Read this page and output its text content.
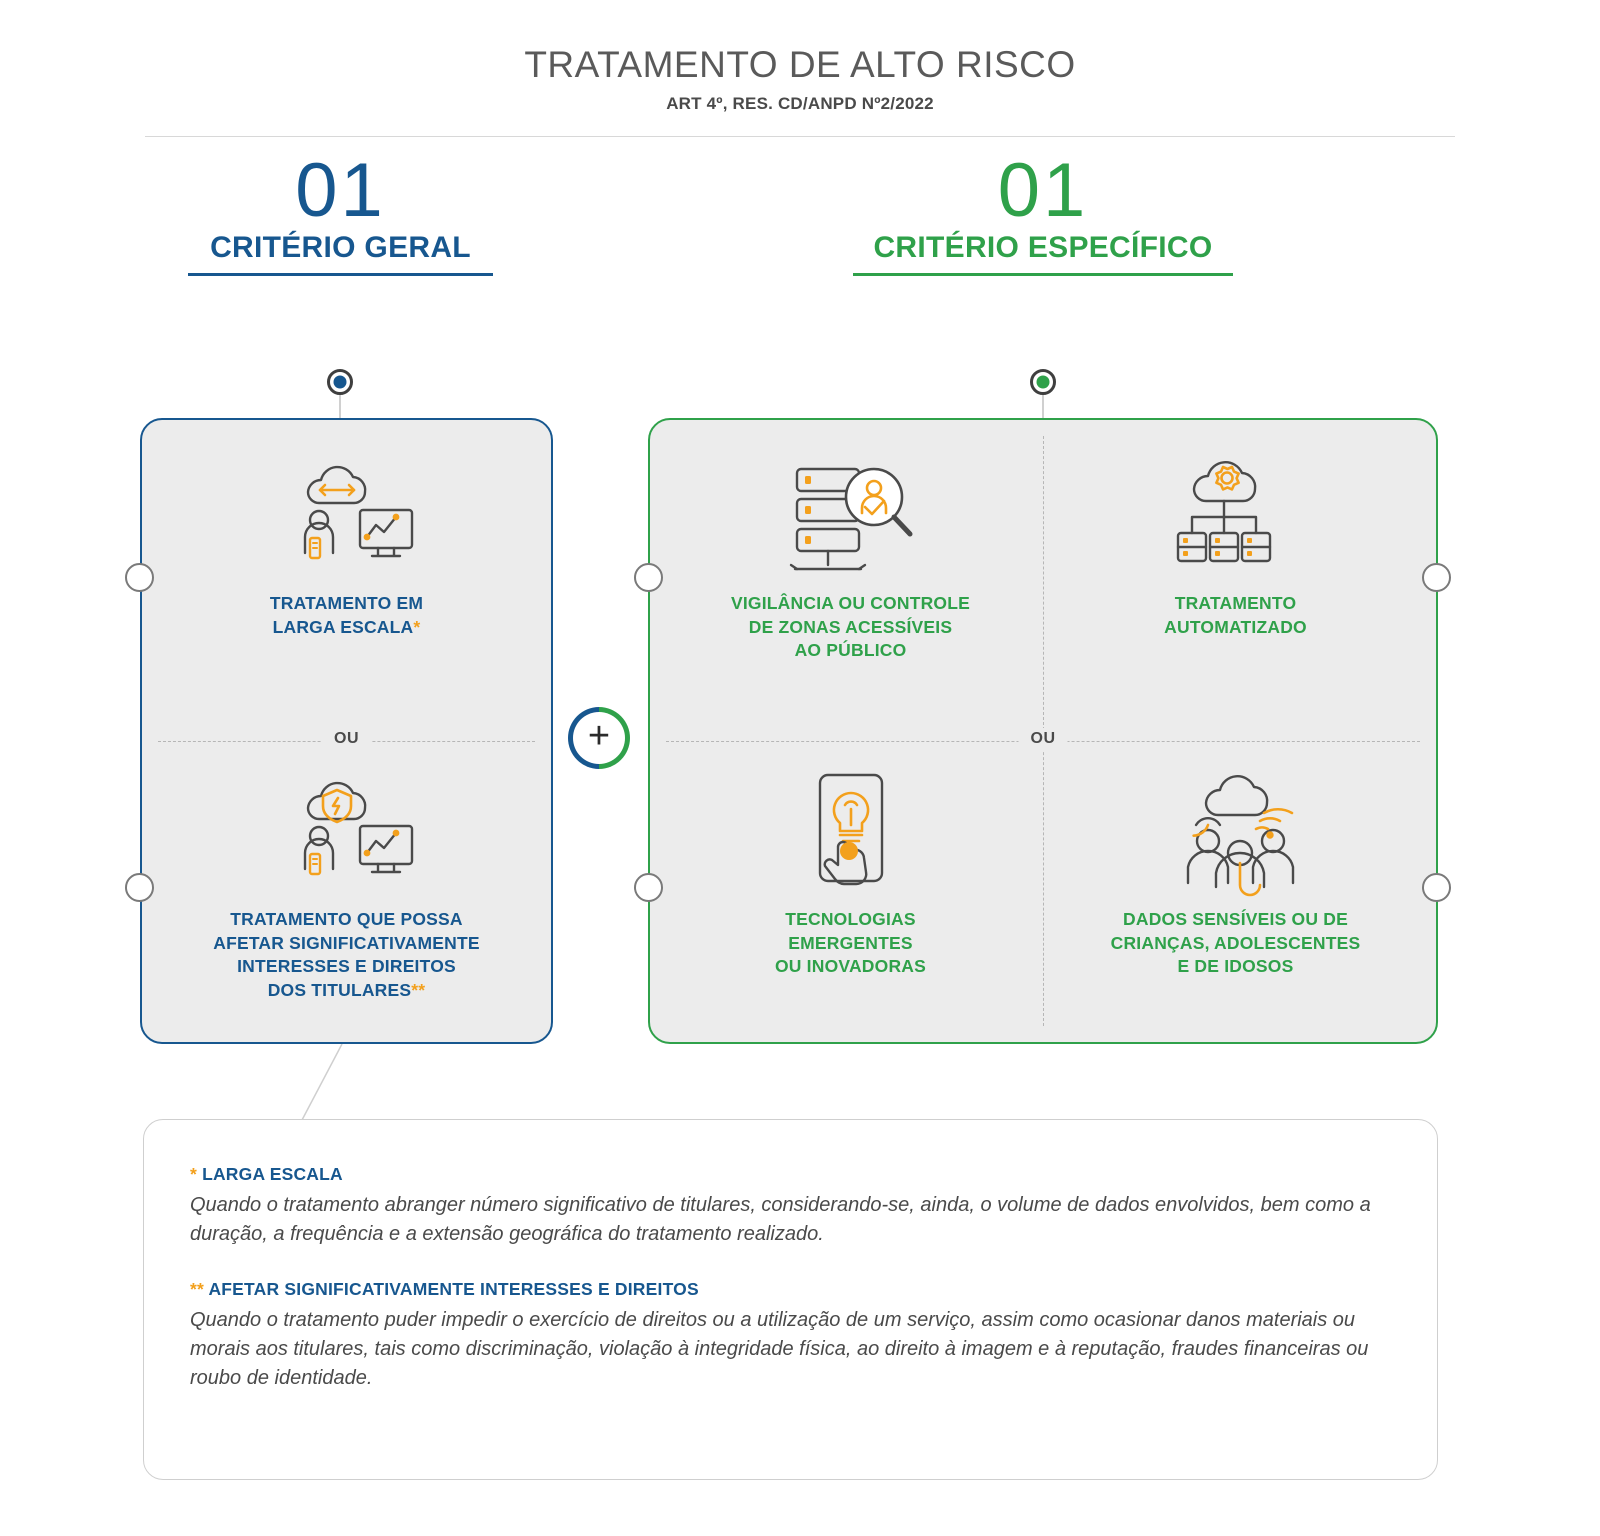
TRATAMENTO DE ALTO RISCO
ART 4º, RES. CD/ANPD Nº2/2022
01
CRITÉRIO GERAL
01
CRITÉRIO ESPECÍFICO
OU
TRATAMENTO EM
LARGA ESCALA*
TRATAMENTO QUE POSSA
AFETAR SIGNIFICATIVAMENTE
INTERESSES E DIREITOS
DOS TITULARES**
OU
VIGILÂNCIA OU CONTROLE
DE ZONAS ACESSÍVEIS
AO PÚBLICO
TRATAMENTO
AUTOMATIZADO
TECNOLOGIAS
EMERGENTES
OU INOVADORAS
DADOS SENSÍVEIS OU DE
CRIANÇAS, ADOLESCENTES
E DE IDOSOS
+
* LARGA ESCALA
Quando o tratamento abranger número significativo de titulares, considerando-se, ainda, o volume de dados envolvidos, bem como a duração, a frequência e a extensão geográfica do tratamento realizado.
** AFETAR SIGNIFICATIVAMENTE INTERESSES E DIREITOS
Quando o tratamento puder impedir o exercício de direitos ou a utilização de um serviço, assim como ocasionar danos materiais ou morais aos titulares, tais como discriminação, violação à integridade física, ao direito à imagem e à reputação, fraudes financeiras ou roubo de identidade.
